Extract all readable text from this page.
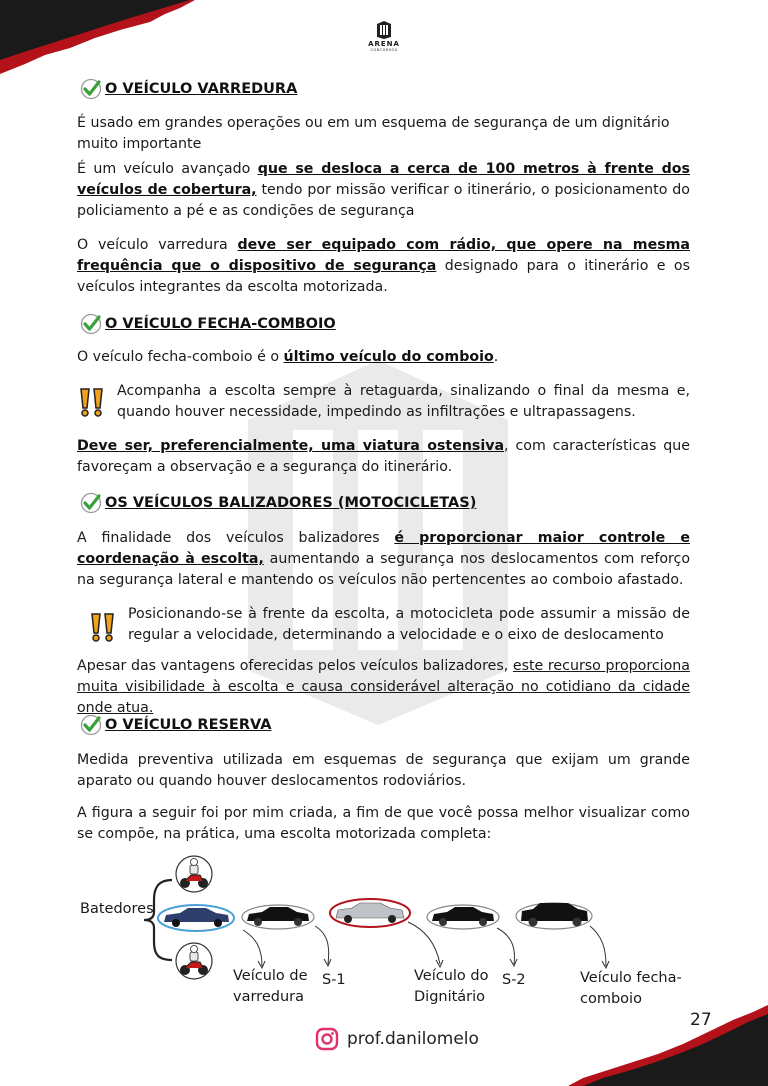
ARENA
CONCURSOS
O VEÍCULO VARREDURA

É usado em grandes operações ou em um esquema de segurança de um dignitário muito importante

É um veículo avançado que se desloca a cerca de 100 metros à frente dos veículos de cobertura, tendo por missão verificar o itinerário, o posicionamento do policiamento a pé e as condições de segurança

O veículo varredura deve ser equipado com rádio, que opere na mesma frequência que o dispositivo de segurança designado para o itinerário e os veículos integrantes da escolta motorizada.

O VEÍCULO FECHA-COMBOIO

O veículo fecha-comboio é o último veículo do comboio.

Acompanha a escolta sempre à retaguarda, sinalizando o final da mesma e, quando houver necessidade, impedindo as infiltrações e ultrapassagens.

Deve ser, preferencialmente, uma viatura ostensiva, com características que favoreçam a observação e a segurança do itinerário.

OS VEÍCULOS BALIZADORES (MOTOCICLETAS)

A finalidade dos veículos balizadores é proporcionar maior controle e coordenação à escolta, aumentando a segurança nos deslocamentos com reforço na segurança lateral e mantendo os veículos não pertencentes ao comboio afastado.

Posicionando-se à frente da escolta, a motocicleta pode assumir a missão de regular a velocidade, determinando a velocidade e o eixo de deslocamento

Apesar das vantagens oferecidas pelos veículos balizadores, este recurso proporciona muita visibilidade à escolta e causa considerável alteração no cotidiano da cidade onde atua.

O VEÍCULO RESERVA

Medida preventiva utilizada em esquemas de segurança que exijam um grande aparato ou quando houver deslocamentos rodoviários.

A figura a seguir foi por mim criada, a fim de que você possa melhor visualizar como se compõe, na prática, uma escolta motorizada completa:

Batedores
Veículo de
varredura
S-1	Veículo do
Dignitário
S-2	Veículo fecha-
comboio
27
prof.danilomelo
